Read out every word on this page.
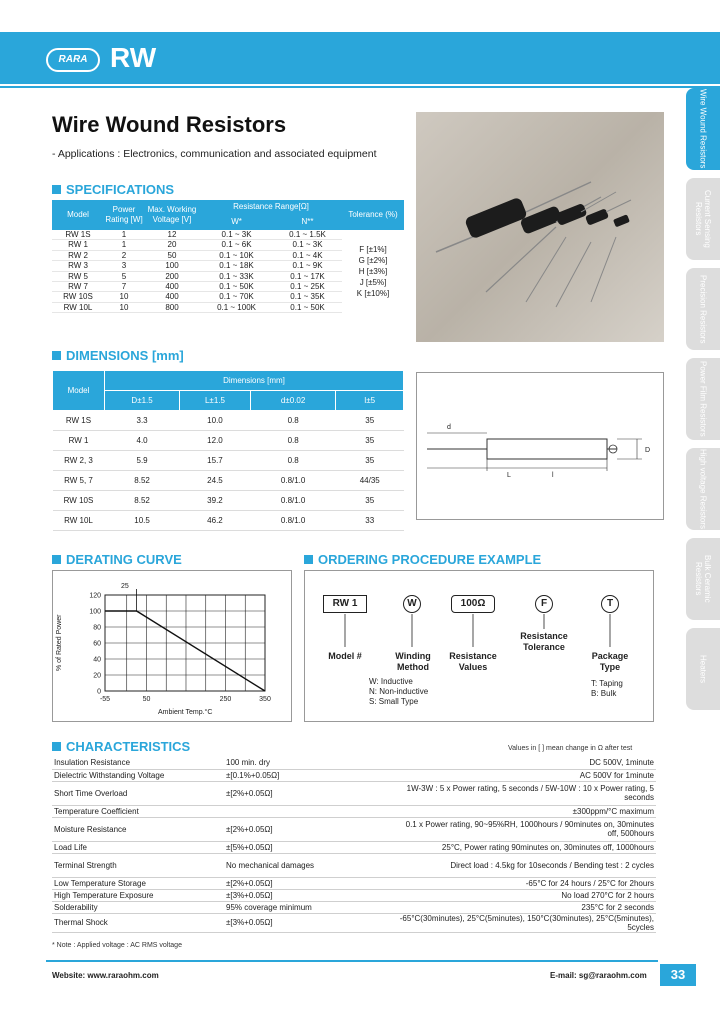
RARA RW
Wire Wound Resistors
Current Sensing Resistors
Precision Resistors
Power Film Resistors
High voltage Resistors
Bulk Ceramic Resistors
Heaters
Wire Wound Resistors
- Applications : Electronics, communication and associated equipment
SPECIFICATIONS
Model	Power Rating [W]	Max. Working Voltage [V]	Resistance Range[Ω]		Tolerance (%)
			W*	N**	
RW 1S	1	12	0.1 ~ 3K	0.1 ~ 1.5K	F [±1%]
G [±2%]
H [±3%]
J [±5%]
K [±10%]

RW 1	1	20	0.1 ~ 6K	0.1 ~ 3K	
RW 2	2	50	0.1 ~ 10K	0.1 ~ 4K	
RW 3	3	100	0.1 ~ 18K	0.1 ~ 9K	
RW 5	5	200	0.1 ~ 33K	0.1 ~ 17K	
RW 7	7	400	0.1 ~ 50K	0.1 ~ 25K	
RW 10S	10	400	0.1 ~ 70K	0.1 ~ 35K	
RW 10L	10	800	0.1 ~ 100K	0.1 ~ 50K	
DIMENSIONS [mm]
Model	Dimensions [mm]			
	D±1.5	L±1.5	d±0.02	l±5
RW 1S	3.3	10.0	0.8	35
RW 1	4.0	12.0	0.8	35
RW 2, 3	5.9	15.7	0.8	35
RW 5, 7	8.52	24.5	0.8/1.0	44/35
RW 10S	8.52	39.2	0.8/1.0	35
RW 10L	10.5	46.2	0.8/1.0	33
d
D
L	l
DERATING CURVE
% of Rated Power
Ambient Temp.°C
25
0
20
40
60
80
100
120
-55	50	250	350
ORDERING PROCEDURE EXAMPLE
RW 1	W	100Ω	F	T
Model #	Winding Method
Resistance Values
Resistance Tolerance
Package Type
W: Inductive
N: Non-inductive
S: Small Type
T: Taping
B: Bulk
CHARACTERISTICS	Values in [ ] mean change in Ω after test
Insulation Resistance	100 min. dry	DC 500V, 1minute
Dielectric Withstanding Voltage	±[0.1%+0.05Ω]	AC 500V for 1minute
Short Time Overload	±[2%+0.05Ω]	1W-3W : 5 x Power rating, 5 seconds / 5W-10W : 10 x Power rating, 5 seconds
Temperature Coefficient		±300ppm/°C maximum
Moisture Resistance	±[2%+0.05Ω]	0.1 x Power rating, 90~95%RH, 1000hours / 90minutes on, 30minutes off, 500hours
Load Life	±[5%+0.05Ω]	25°C, Power rating 90minutes on, 30minutes off, 1000hours
Terminal Strength	No mechanical damages	Direct load : 4.5kg for 10seconds / Bending test : 2 cycles
Low Temperature Storage	±[2%+0.05Ω]	-65°C for 24 hours / 25°C for 2hours
High Temperature Exposure	±[3%+0.05Ω]	No load 270°C for 2 hours
Solderability	95% coverage minimum	235°C for 2 seconds
Thermal Shock	±[3%+0.05Ω]	-65°C(30minutes), 25°C(5minutes), 150°C(30minutes), 25°C(5minutes), 5cycles
* Note : Applied voltage : AC RMS voltage
Website: www.raraohm.com	E-mail: sg@raraohm.com	33
